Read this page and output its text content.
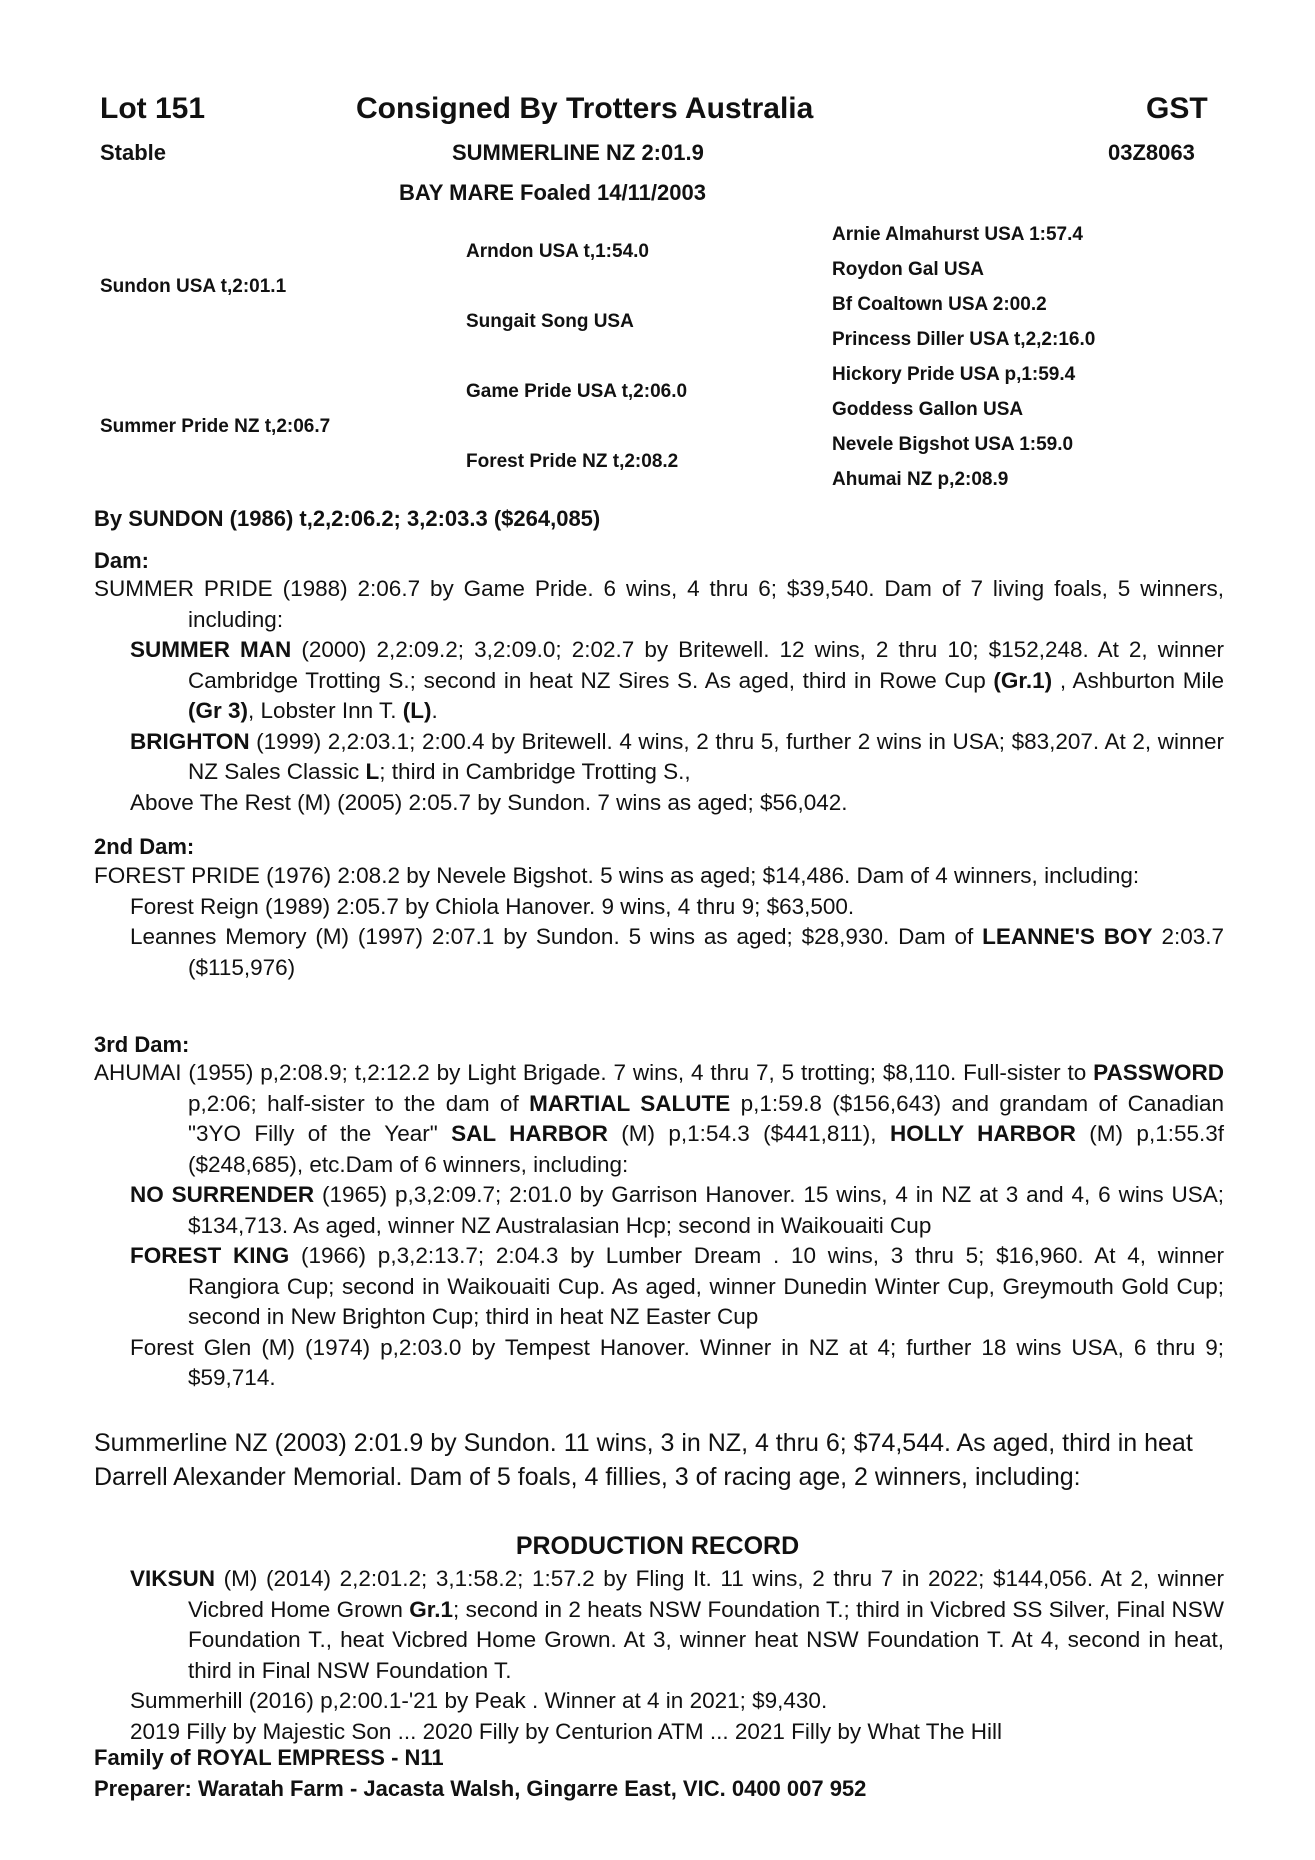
Lot 151	Consigned By Trotters Australia	GST
Stable	SUMMERLINE NZ 2:01.9	03Z8063
BAY MARE Foaled 14/11/2003
Sundon USA t,2:01.1
Summer Pride NZ t,2:06.7
Arndon USA t,1:54.0
Sungait Song USA
Game Pride USA t,2:06.0
Forest Pride NZ t,2:08.2
Arnie Almahurst USA 1:57.4
Roydon Gal USA
Bf Coaltown USA 2:00.2
Princess Diller USA t,2,2:16.0
Hickory Pride USA p,1:59.4
Goddess Gallon USA
Nevele Bigshot USA 1:59.0
Ahumai NZ p,2:08.9
By SUNDON (1986) t,2,2:06.2; 3,2:03.3 ($264,085)
Dam:
SUMMER PRIDE (1988) 2:06.7 by Game Pride. 6 wins, 4 thru 6; $39,540. Dam of 7 living foals, 5 winners, including:
SUMMER MAN (2000) 2,2:09.2; 3,2:09.0; 2:02.7 by Britewell. 12 wins, 2 thru 10; $152,248. At 2, winner Cambridge Trotting S.; second in heat NZ Sires S. As aged, third in Rowe Cup (Gr.1) , Ashburton Mile (Gr 3), Lobster Inn T. (L).
BRIGHTON (1999) 2,2:03.1; 2:00.4 by Britewell. 4 wins, 2 thru 5, further 2 wins in USA; $83,207. At 2, winner NZ Sales Classic L; third in Cambridge Trotting S.,
Above The Rest (M) (2005) 2:05.7 by Sundon. 7 wins as aged; $56,042.
2nd Dam:
FOREST PRIDE (1976) 2:08.2 by Nevele Bigshot. 5 wins as aged; $14,486. Dam of 4 winners, including:
Forest Reign (1989) 2:05.7 by Chiola Hanover. 9 wins, 4 thru 9; $63,500.
Leannes Memory (M) (1997) 2:07.1 by Sundon. 5 wins as aged; $28,930. Dam of LEANNE'S BOY 2:03.7 ($115,976)
3rd Dam:
AHUMAI (1955) p,2:08.9; t,2:12.2 by Light Brigade. 7 wins, 4 thru 7, 5 trotting; $8,110. Full-sister to PASSWORD p,2:06; half-sister to the dam of MARTIAL SALUTE p,1:59.8 ($156,643) and grandam of Canadian "3YO Filly of the Year" SAL HARBOR (M) p,1:54.3 ($441,811), HOLLY HARBOR (M) p,1:55.3f ($248,685), etc.Dam of 6 winners, including:
NO SURRENDER (1965) p,3,2:09.7; 2:01.0 by Garrison Hanover. 15 wins, 4 in NZ at 3 and 4, 6 wins USA; $134,713. As aged, winner NZ Australasian Hcp; second in Waikouaiti Cup
FOREST KING (1966) p,3,2:13.7; 2:04.3 by Lumber Dream . 10 wins, 3 thru 5; $16,960. At 4, winner Rangiora Cup; second in Waikouaiti Cup. As aged, winner Dunedin Winter Cup, Greymouth Gold Cup; second in New Brighton Cup; third in heat NZ Easter Cup
Forest Glen (M) (1974) p,2:03.0 by Tempest Hanover. Winner in NZ at 4; further 18 wins USA, 6 thru 9; $59,714.
Summerline NZ (2003) 2:01.9 by Sundon. 11 wins, 3 in NZ, 4 thru 6; $74,544. As aged, third in heat Darrell Alexander Memorial. Dam of 5 foals, 4 fillies, 3 of racing age, 2 winners, including:
PRODUCTION RECORD
VIKSUN (M) (2014) 2,2:01.2; 3,1:58.2; 1:57.2 by Fling It. 11 wins, 2 thru 7 in 2022; $144,056. At 2, winner Vicbred Home Grown Gr.1; second in 2 heats NSW Foundation T.; third in Vicbred SS Silver, Final NSW Foundation T., heat Vicbred Home Grown. At 3, winner heat NSW Foundation T. At 4, second in heat, third in Final NSW Foundation T.
Summerhill (2016) p,2:00.1-'21 by Peak . Winner at 4 in 2021; $9,430.
2019 Filly by Majestic Son ... 2020 Filly by Centurion ATM ... 2021 Filly by What The Hill
Family of ROYAL EMPRESS - N11
Preparer: Waratah Farm - Jacasta Walsh, Gingarre East, VIC. 0400 007 952
